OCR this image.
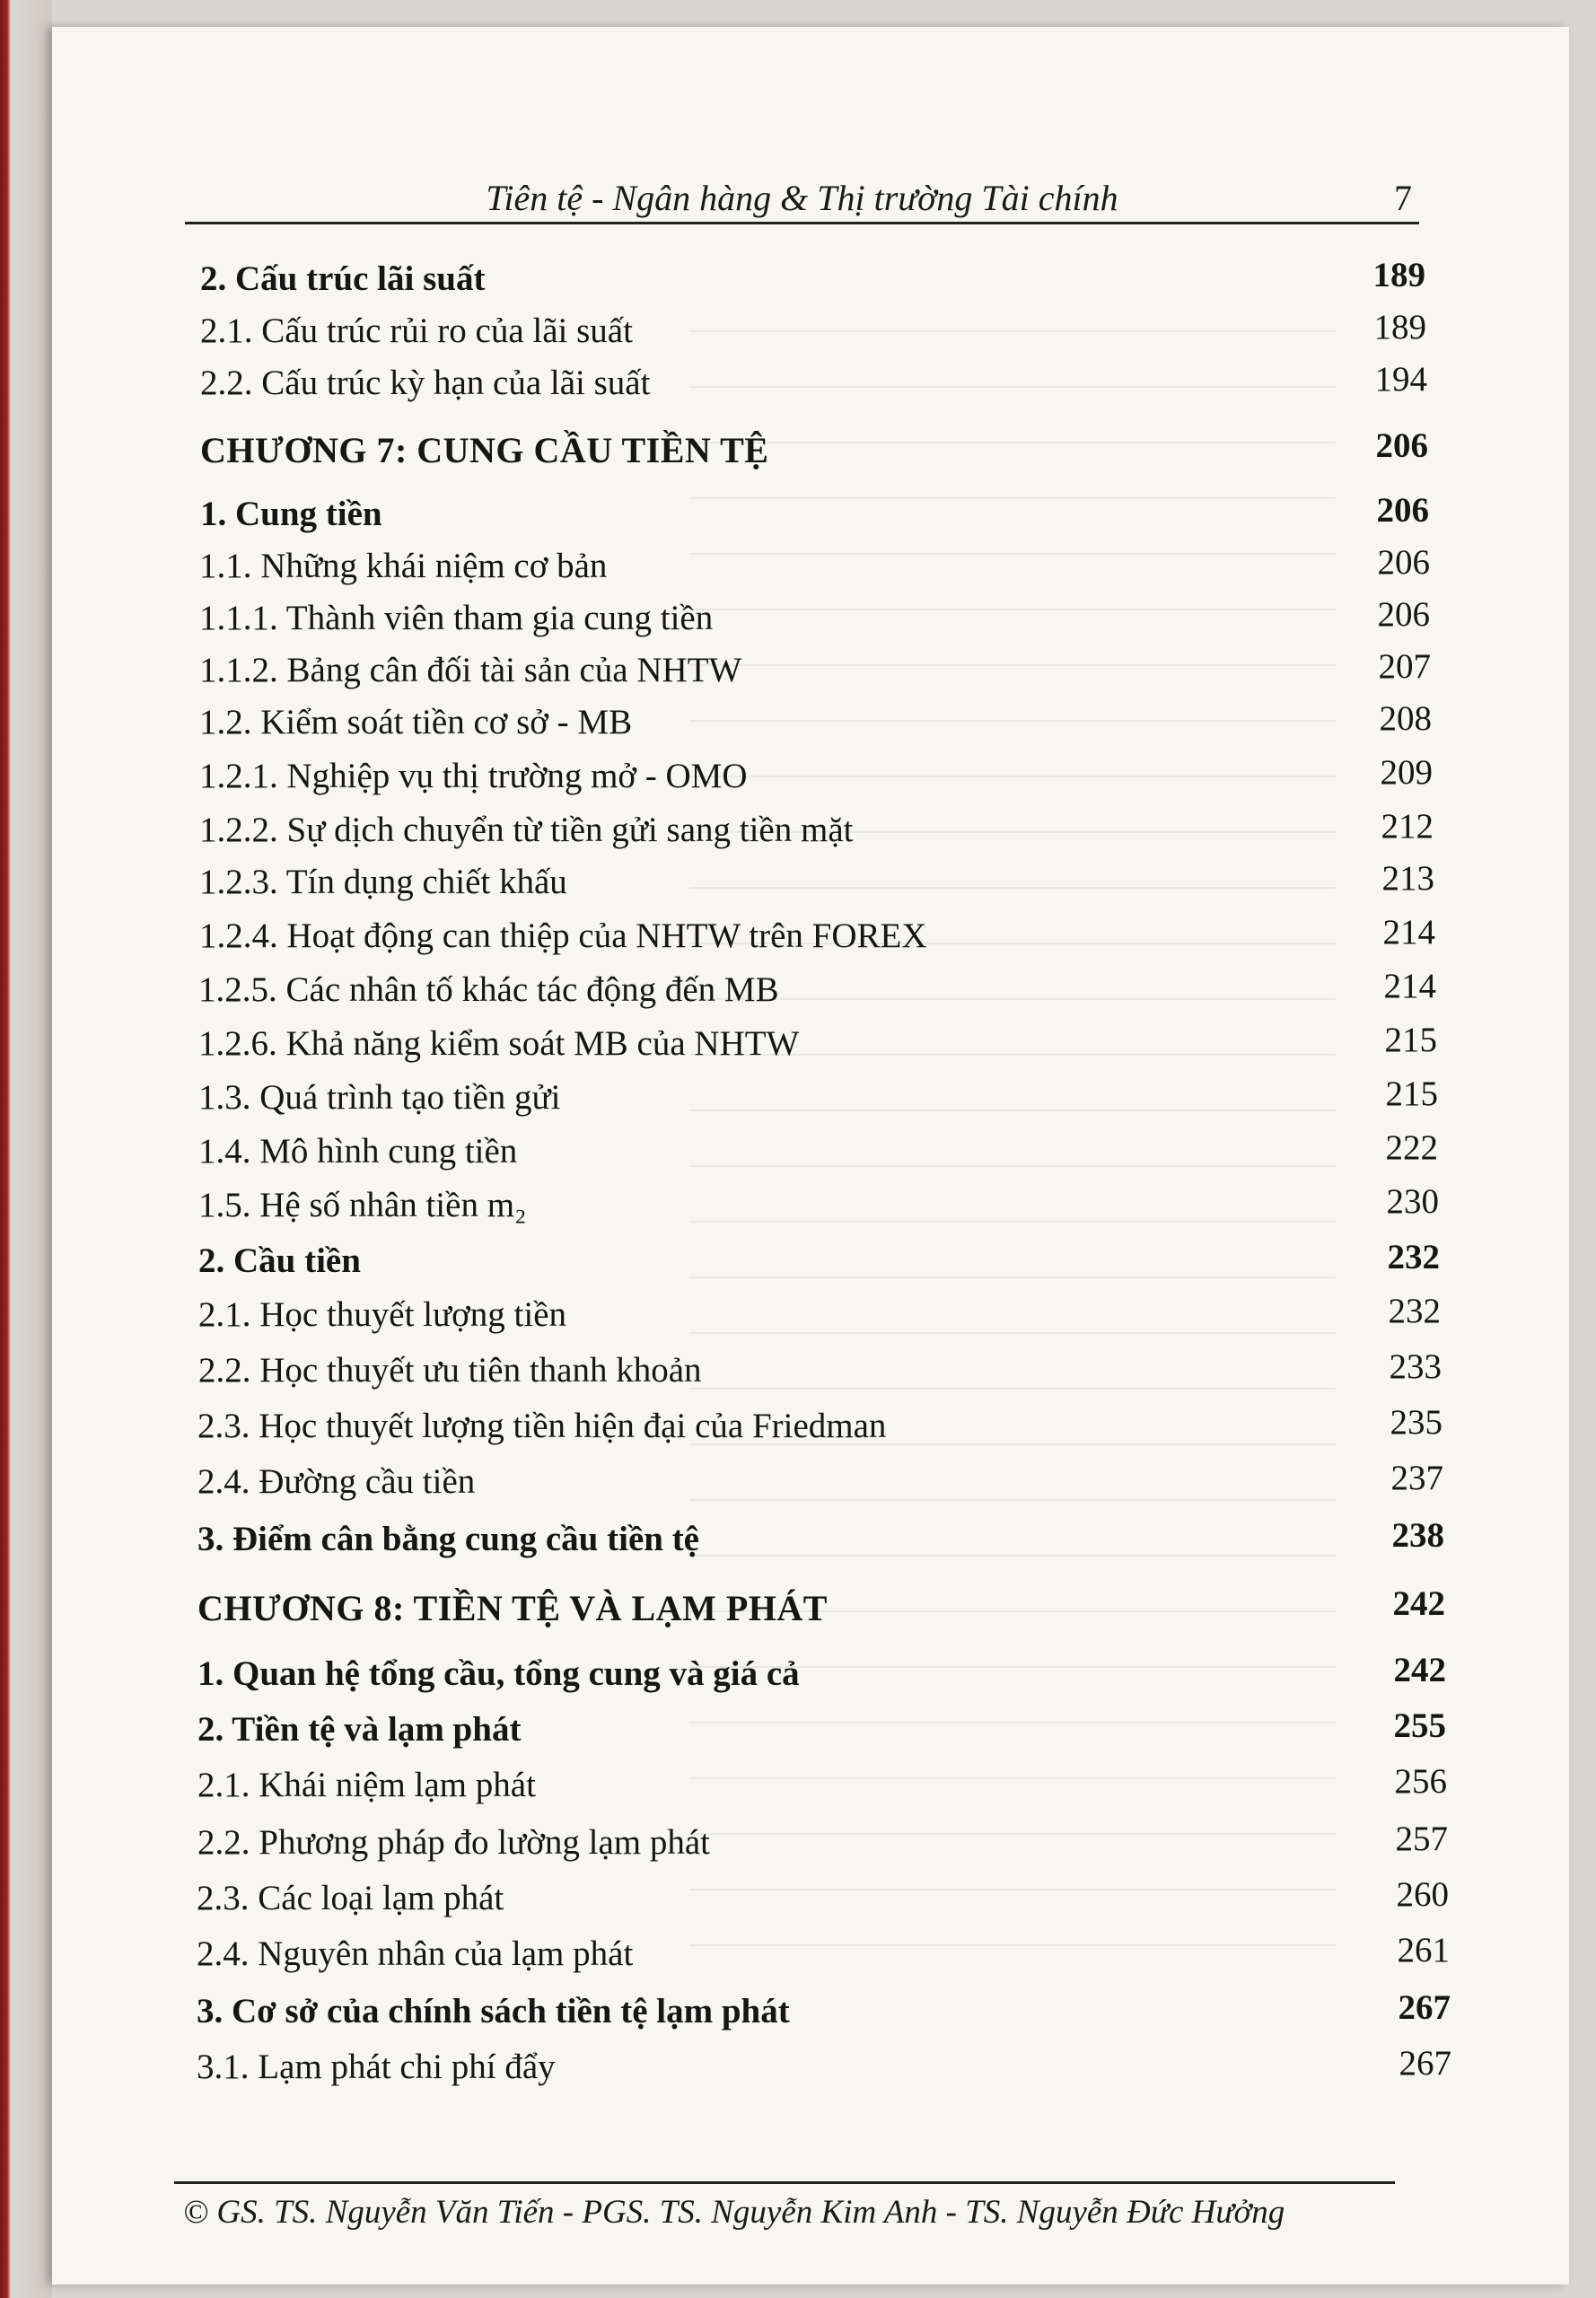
Tiên tệ - Ngân hàng & Thị trường Tài chính	7
2. Cấu trúc lãi suất	189
2.1. Cấu trúc rủi ro của lãi suất	189
2.2. Cấu trúc kỳ hạn của lãi suất	194
CHƯƠNG 7: CUNG CẦU TIỀN TỆ	206
1. Cung tiền	206
1.1. Những khái niệm cơ bản	206
1.1.1. Thành viên tham gia cung tiền	206
1.1.2. Bảng cân đối tài sản của NHTW	207
1.2. Kiểm soát tiền cơ sở - MB	208
1.2.1. Nghiệp vụ thị trường mở - OMO	209
1.2.2. Sự dịch chuyển từ tiền gửi sang tiền mặt	212
1.2.3. Tín dụng chiết khấu	213
1.2.4. Hoạt động can thiệp của NHTW trên FOREX	214
1.2.5. Các nhân tố khác tác động đến MB	214
1.2.6. Khả năng kiểm soát MB của NHTW	215
1.3. Quá trình tạo tiền gửi	215
1.4. Mô hình cung tiền	222
1.5. Hệ số nhân tiền m₂	230
2. Cầu tiền	232
2.1. Học thuyết lượng tiền	232
2.2. Học thuyết ưu tiên thanh khoản	233
2.3. Học thuyết lượng tiền hiện đại của Friedman	235
2.4. Đường cầu tiền	237
3. Điểm cân bằng cung cầu tiền tệ	238
CHƯƠNG 8: TIỀN TỆ VÀ LẠM PHÁT	242
1. Quan hệ tổng cầu, tổng cung và giá cả	242
2. Tiền tệ và lạm phát	255
2.1. Khái niệm lạm phát	256
2.2. Phương pháp đo lường lạm phát	257
2.3. Các loại lạm phát	260
2.4. Nguyên nhân của lạm phát	261
3. Cơ sở của chính sách tiền tệ lạm phát	267
3.1. Lạm phát chi phí đẩy	267
© GS. TS. Nguyễn Văn Tiến - PGS. TS. Nguyễn Kim Anh - TS. Nguyễn Đức Hưởng
